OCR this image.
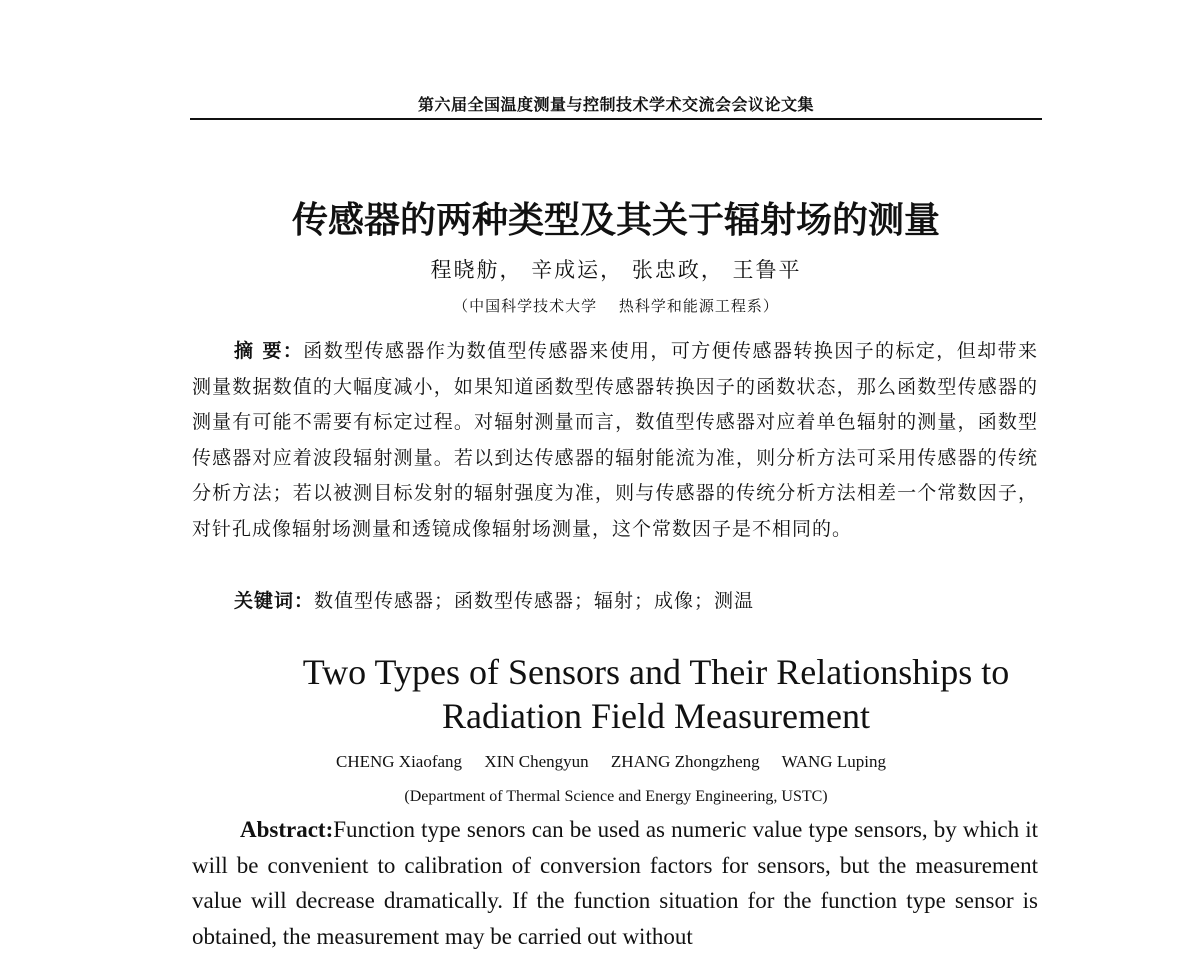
第六届全国温度测量与控制技术学术交流会会议论文集
传感器的两种类型及其关于辐射场的测量
程晓舫， 辛成运， 张忠政， 王鲁平
（中国科学技术大学　 热科学和能源工程系）

摘 要：函数型传感器作为数值型传感器来使用，可方便传感器转换因子的标定，但却带来测量数据数值的大幅度减小，如果知道函数型传感器转换因子的函数状态，那么函数型传感器的测量有可能不需要有标定过程。对辐射测量而言，数值型传感器对应着单色辐射的测量，函数型传感器对应着波段辐射测量。若以到达传感器的辐射能流为准，则分析方法可采用传感器的传统分析方法；若以被测目标发射的辐射强度为准，则与传感器的传统分析方法相差一个常数因子，对针孔成像辐射场测量和透镜成像辐射场测量，这个常数因子是不相同的。

关键词：数值型传感器；函数型传感器；辐射；成像；测温
Two Types of Sensors and Their Relationships to
Radiation Field Measurement
CHENG Xiaofang XIN Chengyun ZHANG Zhongzheng WANG Luping
(Department of Thermal Science and Energy Engineering, USTC)

Abstract:Function type senors can be used as numeric value type sensors, by which it will be convenient to calibration of conversion factors for sensors, but the measurement value will decrease dramatically. If the function situation for the function type sensor is obtained, the measurement may be carried out without
